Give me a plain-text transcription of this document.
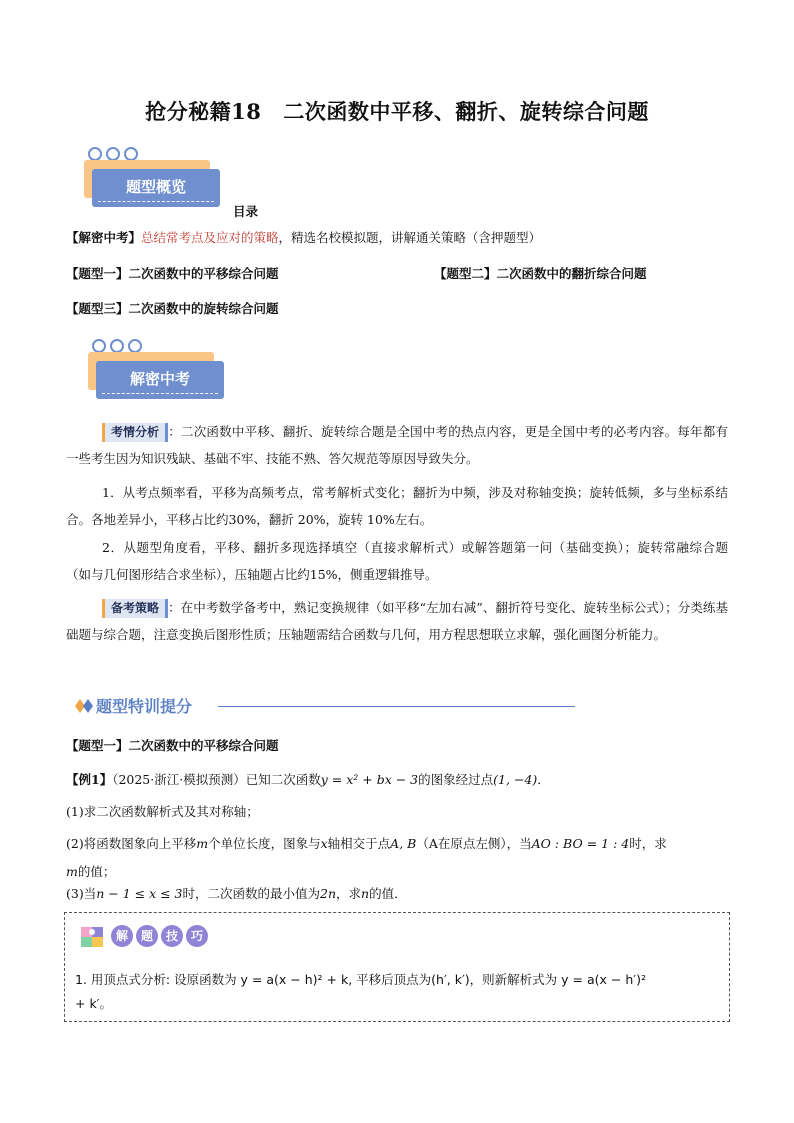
抢分秘籍18 二次函数中平移、翻折、旋转综合问题
题型概览
目录
【解密中考】总结常考点及应对的策略，精选名校模拟题，讲解通关策略（含押题型）
【题型一】二次函数中的平移综合问题	【题型二】二次函数中的翻折综合问题
【题型三】二次函数中的旋转综合问题
解密中考
考情分析 ：二次函数中平移、翻折、旋转综合题是全国中考的热点内容，更是全国中考的必考内容。每年都有一些考生因为知识残缺、基础不牢、技能不熟、答欠规范等原因导致失分。
1．从考点频率看，平移为高频考点，常考解析式变化；翻折为中频，涉及对称轴变换；旋转低频，多与坐标系结合。各地差异小，平移占比约30%，翻折 20%，旋转 10%左右。
2．从题型角度看，平移、翻折多现选择填空（直接求解析式）或解答题第一问（基础变换）；旋转常融综合题（如与几何图形结合求坐标），压轴题占比约15%，侧重逻辑推导。
备考策略 ：在中考数学备考中，熟记变换规律（如平移“左加右减”、翻折符号变化、旋转坐标公式）；分类练基础题与综合题，注意变换后图形性质；压轴题需结合函数与几何，用方程思想联立求解，强化画图分析能力。
题型特训提分
【题型一】二次函数中的平移综合问题
【例1】（2025·浙江·模拟预测）已知二次函数y = x² + bx − 3的图象经过点(1, −4)．
(1)求二次函数解析式及其对称轴；
(2)将函数图象向上平移m个单位长度，图象与x轴相交于点A, B（A在原点左侧），当AO : BO = 1 : 4时，求
m的值；
(3)当n − 1 ≤ x ≤ 3时，二次函数的最小值为2n，求n的值．
解 题 技 巧
1. 用顶点式分析: 设原函数为 y = a(x − h)² + k, 平移后顶点为(h′, k′)，则新解析式为 y = a(x − h′)²
+ k′。
